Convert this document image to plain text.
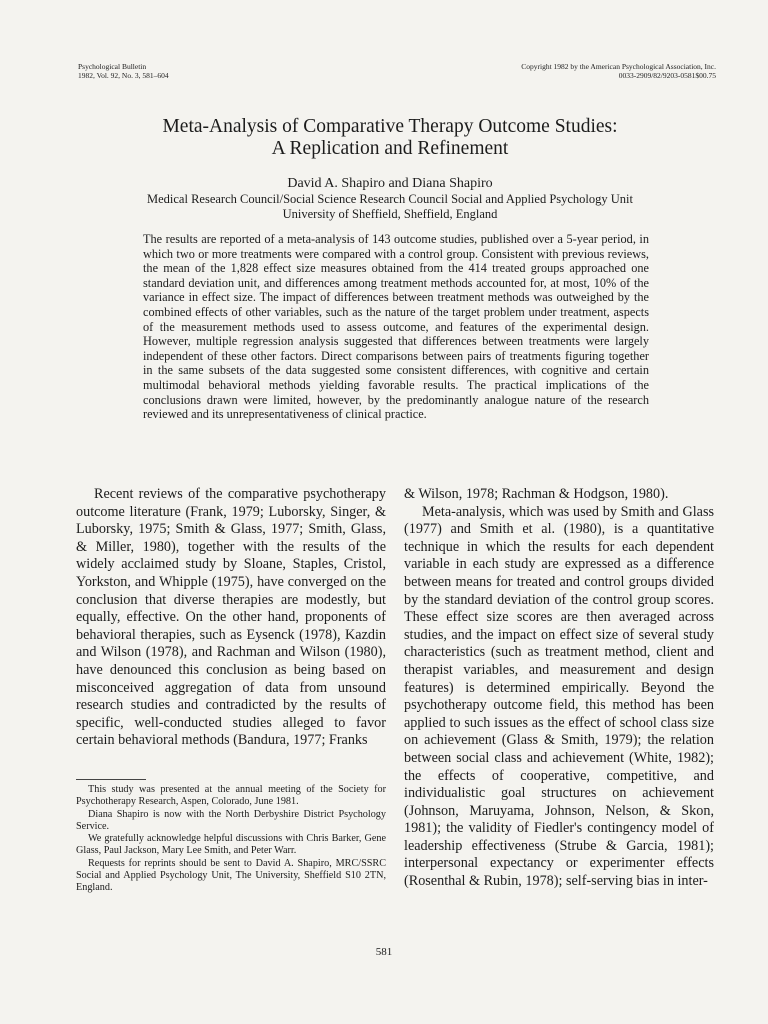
Psychological Bulletin
1982, Vol. 92, No. 3, 581–604
Copyright 1982 by the American Psychological Association, Inc.
0033-2909/82/9203-0581$00.75
Meta-Analysis of Comparative Therapy Outcome Studies:
A Replication and Refinement
David A. Shapiro and Diana Shapiro
Medical Research Council/Social Science Research Council Social and Applied Psychology Unit
University of Sheffield, Sheffield, England
The results are reported of a meta-analysis of 143 outcome studies, published over a 5-year period, in which two or more treatments were compared with a control group. Consistent with previous reviews, the mean of the 1,828 effect size measures obtained from the 414 treated groups approached one standard deviation unit, and differences among treatment methods accounted for, at most, 10% of the variance in effect size. The impact of differences between treatment methods was outweighed by the combined effects of other variables, such as the nature of the target problem under treatment, aspects of the measurement methods used to assess outcome, and features of the experimental design. However, multiple regression analysis suggested that differences between treatments were largely independent of these other factors. Direct comparisons between pairs of treatments figuring together in the same subsets of the data suggested some consistent differences, with cognitive and certain multimodal behavioral methods yielding favorable results. The practical implications of the conclusions drawn were limited, however, by the predominantly analogue nature of the research reviewed and its unrepresentativeness of clinical practice.

Recent reviews of the comparative psychotherapy outcome literature (Frank, 1979; Luborsky, Singer, & Luborsky, 1975; Smith & Glass, 1977; Smith, Glass, & Miller, 1980), together with the results of the widely acclaimed study by Sloane, Staples, Cristol, Yorkston, and Whipple (1975), have converged on the conclusion that diverse therapies are modestly, but equally, effective. On the other hand, proponents of behavioral therapies, such as Eysenck (1978), Kazdin and Wilson (1978), and Rachman and Wilson (1980), have denounced this conclusion as being based on misconceived aggregation of data from unsound research studies and contradicted by the results of specific, well-conducted studies alleged to favor certain behavioral methods (Bandura, 1977; Franks

This study was presented at the annual meeting of the Society for Psychotherapy Research, Aspen, Colorado, June 1981.

Diana Shapiro is now with the North Derbyshire District Psychology Service.

We gratefully acknowledge helpful discussions with Chris Barker, Gene Glass, Paul Jackson, Mary Lee Smith, and Peter Warr.

Requests for reprints should be sent to David A. Shapiro, MRC/SSRC Social and Applied Psychology Unit, The University, Sheffield S10 2TN, England.

& Wilson, 1978; Rachman & Hodgson, 1980).

Meta-analysis, which was used by Smith and Glass (1977) and Smith et al. (1980), is a quantitative technique in which the results for each dependent variable in each study are expressed as a difference between means for treated and control groups divided by the standard deviation of the control group scores. These effect size scores are then averaged across studies, and the impact on effect size of several study characteristics (such as treatment method, client and therapist variables, and measurement and design features) is determined empirically. Beyond the psychotherapy outcome field, this method has been applied to such issues as the effect of school class size on achievement (Glass & Smith, 1979); the relation between social class and achievement (White, 1982); the effects of cooperative, competitive, and individualistic goal structures on achievement (Johnson, Maruyama, Johnson, Nelson, & Skon, 1981); the validity of Fiedler's contingency model of leadership effectiveness (Strube & Garcia, 1981); interpersonal expectancy or experimenter effects (Rosenthal & Rubin, 1978); self-serving bias in inter-

581
